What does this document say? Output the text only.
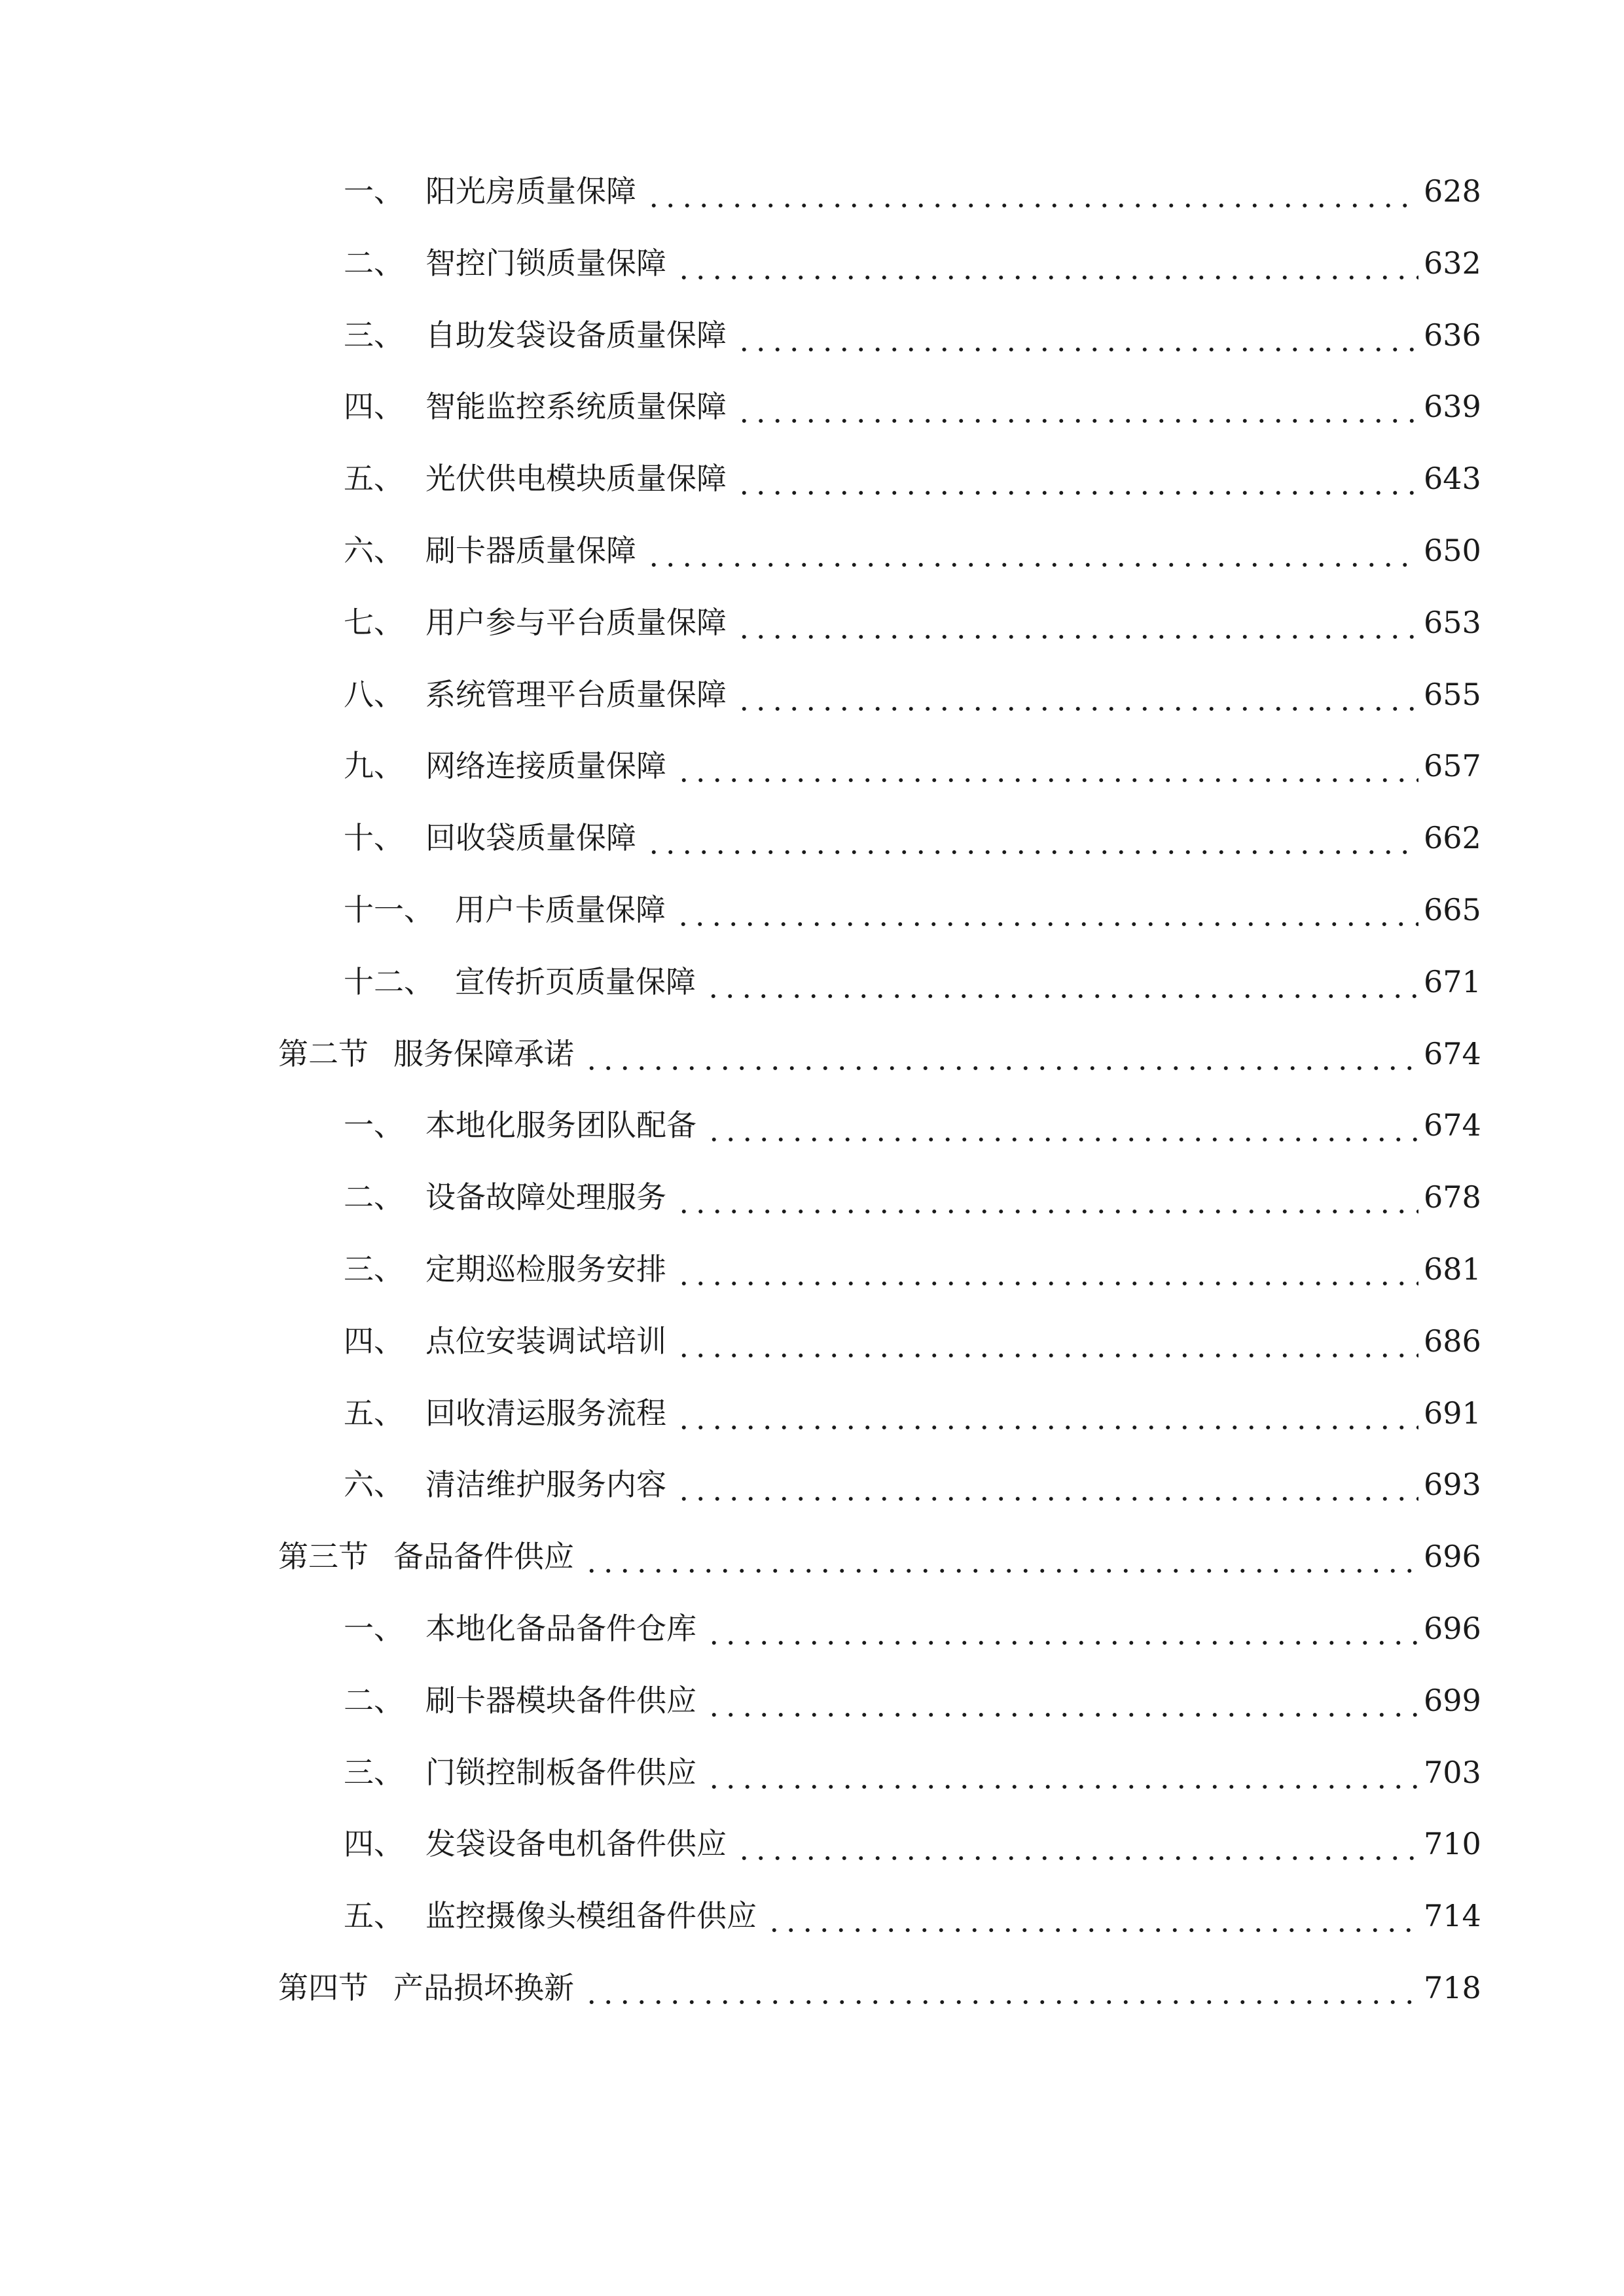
一、 阳光房质量保障	628
二、 智控门锁质量保障	632
三、 自助发袋设备质量保障	636
四、 智能监控系统质量保障	639
五、 光伏供电模块质量保障	643
六、 刷卡器质量保障	650
七、 用户参与平台质量保障	653
八、 系统管理平台质量保障	655
九、 网络连接质量保障	657
十、 回收袋质量保障	662
十一、 用户卡质量保障	665
十二、 宣传折页质量保障	671
第二节 服务保障承诺	674
一、 本地化服务团队配备	674
二、 设备故障处理服务	678
三、 定期巡检服务安排	681
四、 点位安装调试培训	686
五、 回收清运服务流程	691
六、 清洁维护服务内容	693
第三节 备品备件供应	696
一、 本地化备品备件仓库	696
二、 刷卡器模块备件供应	699
三、 门锁控制板备件供应	703
四、 发袋设备电机备件供应	710
五、 监控摄像头模组备件供应	714
第四节 产品损坏换新	718
